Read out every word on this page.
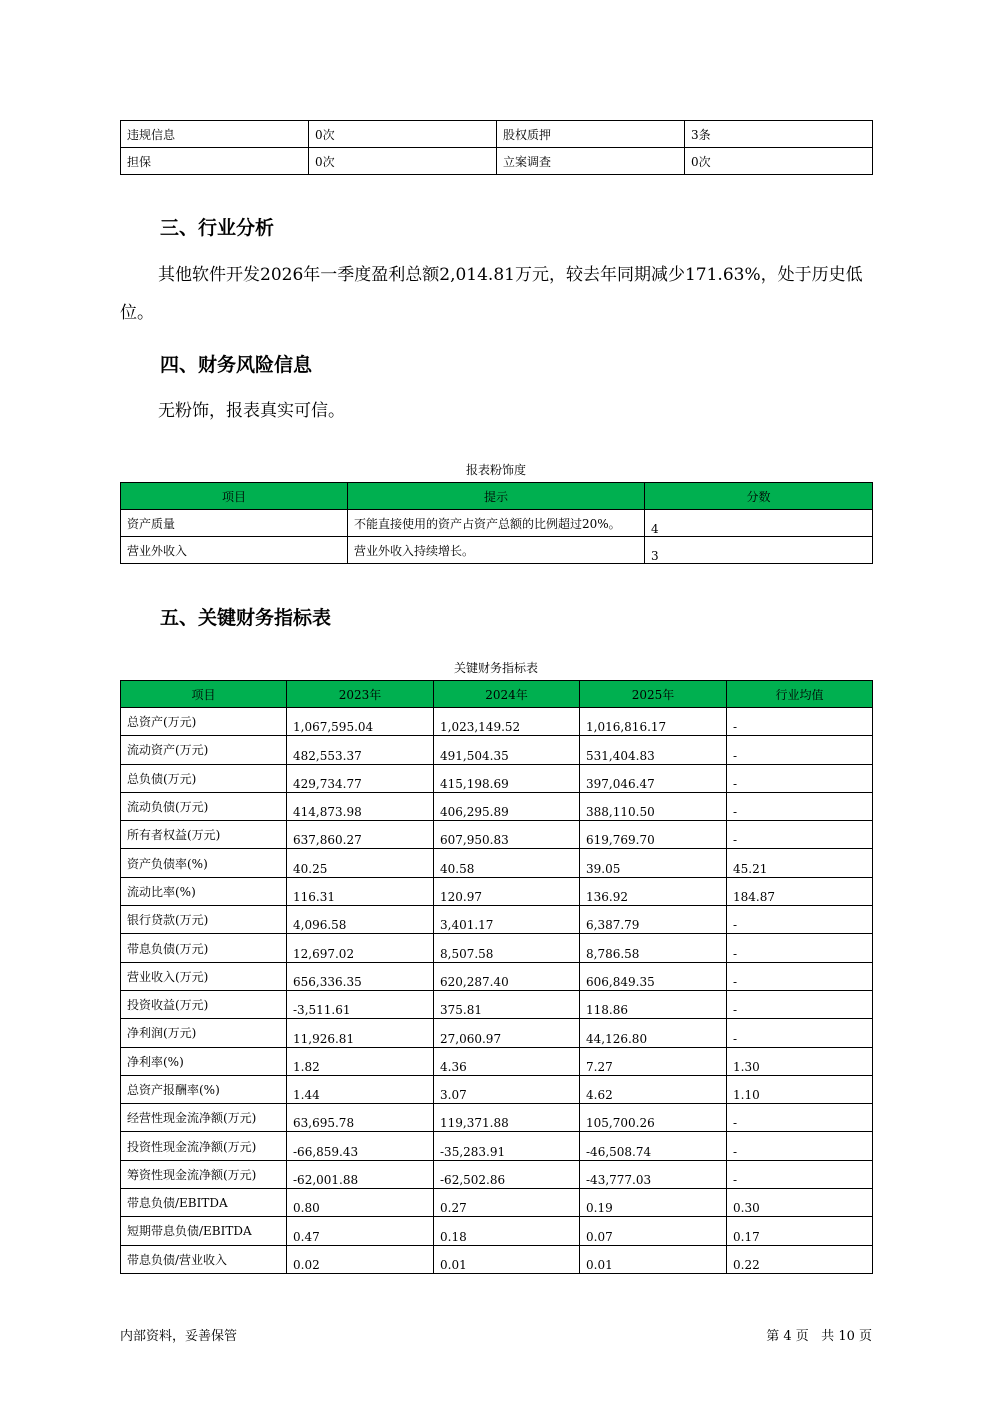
违规信息	0次	股权质押	3条
担保	0次	立案调查	0次
三、行业分析
其他软件开发2026年一季度盈利总额2,014.81万元，较去年同期减少171.63%，处于历史低位。
四、财务风险信息
无粉饰，报表真实可信。
报表粉饰度
项目	提示	分数
资产质量	不能直接使用的资产占资产总额的比例超过20%。	4
营业外收入	营业外收入持续增长。	3
五、关键财务指标表
关键财务指标表
项目	2023年	2024年	2025年	行业均值
总资产(万元)	1,067,595.04	1,023,149.52	1,016,816.17	-
流动资产(万元)	482,553.37	491,504.35	531,404.83	-
总负债(万元)	429,734.77	415,198.69	397,046.47	-
流动负债(万元)	414,873.98	406,295.89	388,110.50	-
所有者权益(万元)	637,860.27	607,950.83	619,769.70	-
资产负债率(%)	40.25	40.58	39.05	45.21
流动比率(%)	116.31	120.97	136.92	184.87
银行贷款(万元)	4,096.58	3,401.17	6,387.79	-
带息负债(万元)	12,697.02	8,507.58	8,786.58	-
营业收入(万元)	656,336.35	620,287.40	606,849.35	-
投资收益(万元)	-3,511.61	375.81	118.86	-
净利润(万元)	11,926.81	27,060.97	44,126.80	-
净利率(%)	1.82	4.36	7.27	1.30
总资产报酬率(%)	1.44	3.07	4.62	1.10
经营性现金流净额(万元)	63,695.78	119,371.88	105,700.26	-
投资性现金流净额(万元)	-66,859.43	-35,283.91	-46,508.74	-
筹资性现金流净额(万元)	-62,001.88	-62,502.86	-43,777.03	-
带息负债/EBITDA	0.80	0.27	0.19	0.30
短期带息负债/EBITDA	0.47	0.18	0.07	0.17
带息负债/营业收入	0.02	0.01	0.01	0.22
内部资料，妥善保管	第 4 页   共 10 页
